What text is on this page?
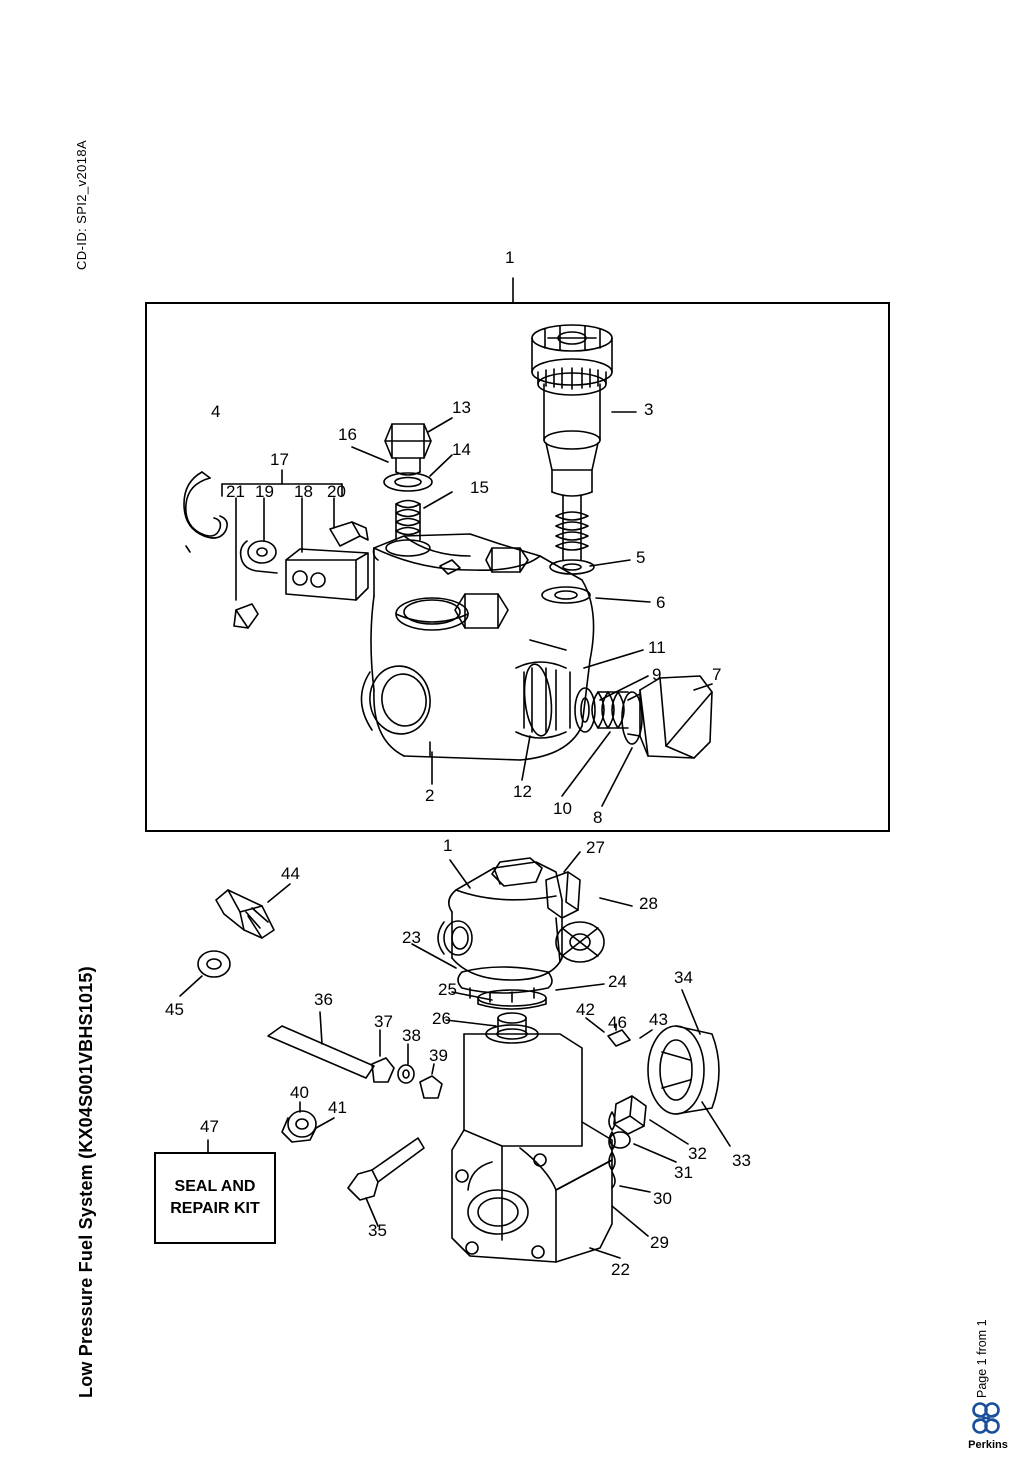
CD-ID: SPI2_v2018A
Low Pressure Fuel System (KX04S001VBHS1015)	Page 1 from 1
Perkins
SEAL AND
REPAIR KIT
1
4	13	3
16
14
17
15
21 19 18 20
5
6
11
9	7
2	12
10 8
1	27
44
28
23
34
45
36
25	24
26	42
46 43
37
38
39
40
41
47
32 33
31
30
35
29
22
